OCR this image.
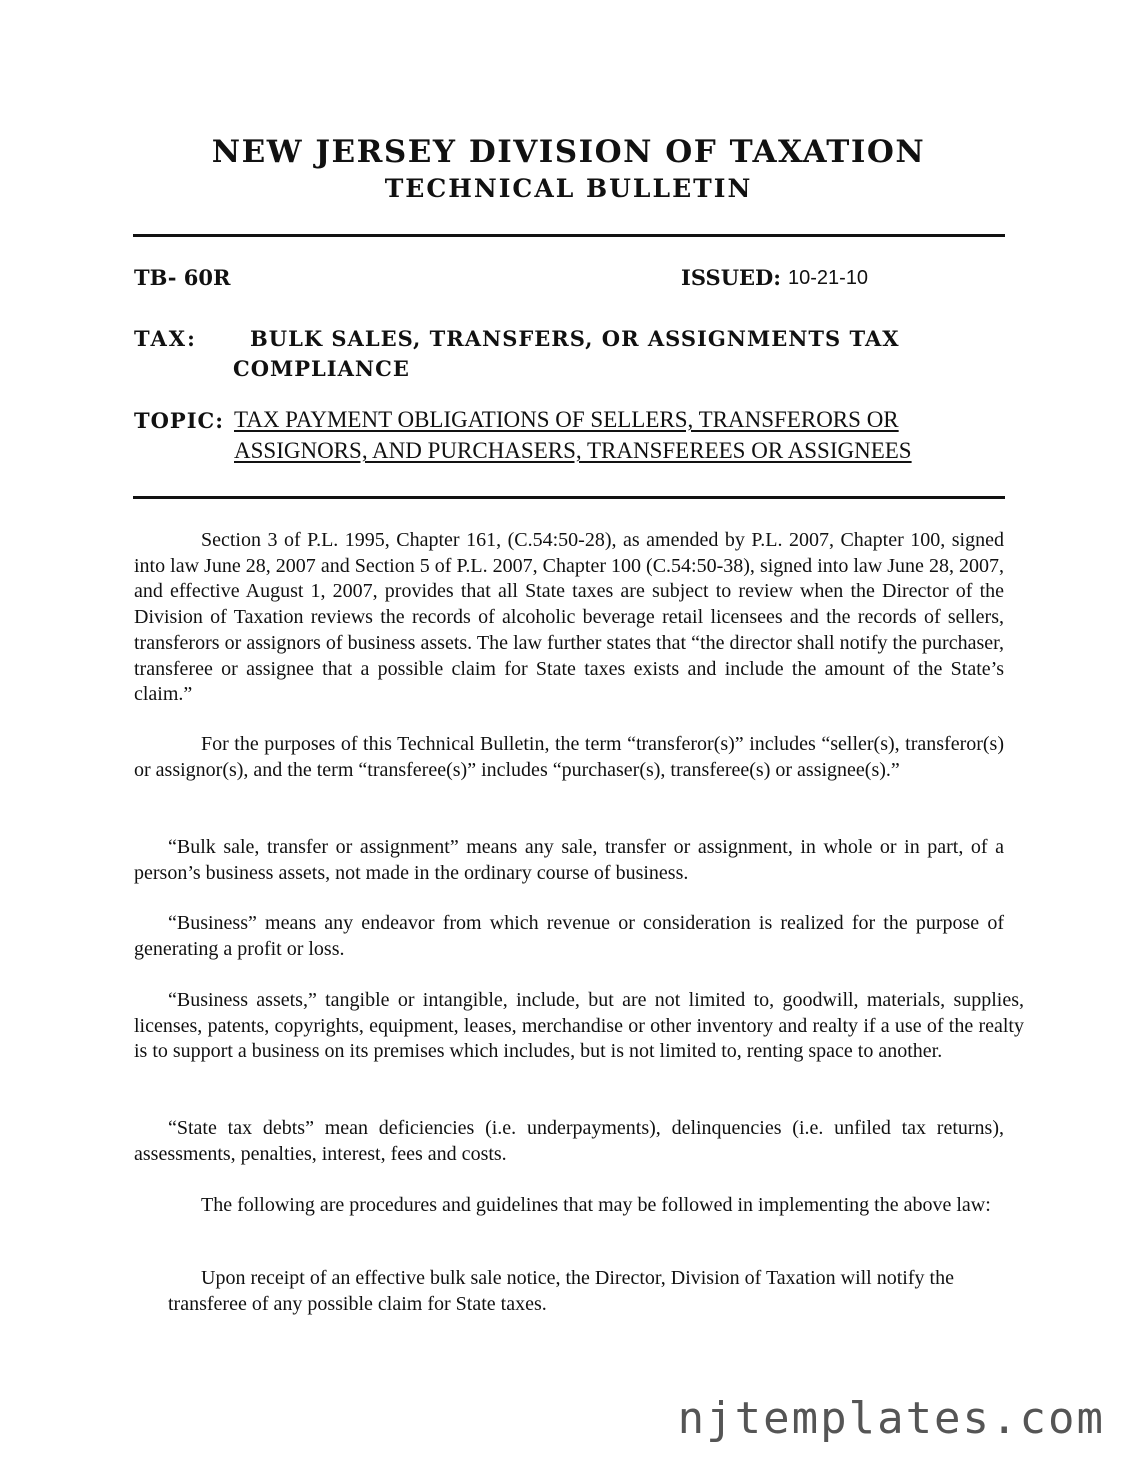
NEW JERSEY DIVISION OF TAXATION
TECHNICAL BULLETIN
TB- 60R	ISSUED: 10-21-10
TAX:	BULK SALES, TRANSFERS, OR ASSIGNMENTS TAX
COMPLIANCE
TOPIC: TAX PAYMENT OBLIGATIONS OF SELLERS, TRANSFERORS OR
ASSIGNORS, AND PURCHASERS, TRANSFEREES OR ASSIGNEES
Section 3 of P.L. 1995, Chapter 161, (C.54:50-28), as amended by P.L. 2007, Chapter 100, signed into law June 28, 2007 and Section 5 of P.L. 2007, Chapter 100 (C.54:50-38), signed into law June 28, 2007, and effective August 1, 2007, provides that all State taxes are subject to review when the Director of the Division of Taxation reviews the records of alcoholic beverage retail licensees and the records of sellers, transferors or assignors of business assets. The law further states that “the director shall notify the purchaser, transferee or assignee that a possible claim for State taxes exists and include the amount of the State’s claim.”
For the purposes of this Technical Bulletin, the term “transferor(s)” includes “seller(s), transferor(s) or assignor(s), and the term “transferee(s)” includes “purchaser(s), transferee(s) or assignee(s).”
“Bulk sale, transfer or assignment” means any sale, transfer or assignment, in whole or in part, of a person’s business assets, not made in the ordinary course of business.
“Business” means any endeavor from which revenue or consideration is realized for the purpose of generating a profit or loss.
“Business assets,” tangible or intangible, include, but are not limited to, goodwill, materials, supplies, licenses, patents, copyrights, equipment, leases, merchandise or other inventory and realty if a use of the realty is to support a business on its premises which includes, but is not limited to, renting space to another.
“State tax debts” mean deficiencies (i.e. underpayments), delinquencies (i.e. unfiled tax returns), assessments, penalties, interest, fees and costs.
The following are procedures and guidelines that may be followed in implementing the above law:
Upon receipt of an effective bulk sale notice, the Director, Division of Taxation will notify the transferee of any possible claim for State taxes.
njtemplates.com
